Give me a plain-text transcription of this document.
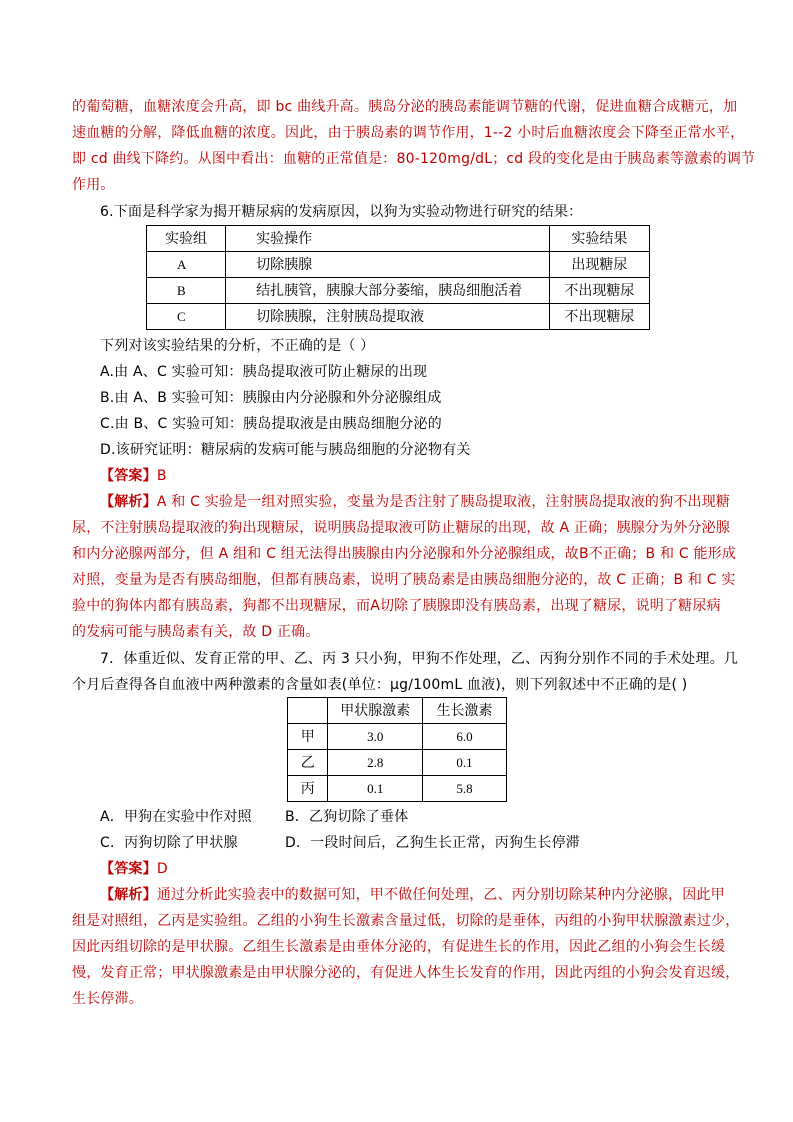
的葡萄糖，血糖浓度会升高，即 bc 曲线升高。胰岛分泌的胰岛素能调节糖的代谢，促进血糖合成糖元，加
速血糖的分解，降低血糖的浓度。因此，由于胰岛素的调节作用，1--2 小时后血糖浓度会下降至正常水平，
即 cd 曲线下降约。从图中看出：血糖的正常值是：80-120mg/dL；cd 段的变化是由于胰岛素等激素的调节
作用。
6.下面是科学家为揭开糖尿病的发病原因，以狗为实验动物进行研究的结果：
实验组	实验操作	实验结果
A	切除胰腺	出现糖尿
B	结扎胰管，胰腺大部分萎缩，胰岛细胞活着	不出现糖尿
C	切除胰腺，注射胰岛提取液	不出现糖尿
下列对该实验结果的分析，不正确的是（ ）
A.由 A、C 实验可知：胰岛提取液可防止糖尿的出现
B.由 A、B 实验可知：胰腺由内分泌腺和外分泌腺组成
C.由 B、C 实验可知：胰岛提取液是由胰岛细胞分泌的
D.该研究证明：糖尿病的发病可能与胰岛细胞的分泌物有关
【答案】B
【解析】A 和 C 实验是一组对照实验，变量为是否注射了胰岛提取液，注射胰岛提取液的狗不出现糖
尿，不注射胰岛提取液的狗出现糖尿，说明胰岛提取液可防止糖尿的出现，故 A 正确；胰腺分为外分泌腺
和内分泌腺两部分，但 A 组和 C 组无法得出胰腺由内分泌腺和外分泌腺组成，故B不正确；B 和 C 能形成
对照，变量为是否有胰岛细胞，但都有胰岛素，说明了胰岛素是由胰岛细胞分泌的，故 C 正确；B 和 C 实
验中的狗体内都有胰岛素，狗都不出现糖尿，而A切除了胰腺即没有胰岛素，出现了糖尿，说明了糖尿病
的发病可能与胰岛素有关，故 D 正确。
7．体重近似、发育正常的甲、乙、丙 3 只小狗，甲狗不作处理，乙、丙狗分别作不同的手术处理。几
个月后查得各自血液中两种激素的含量如表(单位：μg/100mL 血液)，则下列叙述中不正确的是( )
	甲状腺激素	生长激素
甲	3.0	6.0
乙	2.8	0.1
丙	0.1	5.8
A．甲狗在实验中作对照 B．乙狗切除了垂体
C．丙狗切除了甲状腺	D．一段时间后，乙狗生长正常，丙狗生长停滞
【答案】D
【解析】通过分析此实验表中的数据可知，甲不做任何处理，乙、丙分别切除某种内分泌腺，因此甲
组是对照组，乙丙是实验组。乙组的小狗生长激素含量过低，切除的是垂体，丙组的小狗甲状腺激素过少，
因此丙组切除的是甲状腺。乙组生长激素是由垂体分泌的，有促进生长的作用，因此乙组的小狗会生长缓
慢，发育正常；甲状腺激素是由甲状腺分泌的，有促进人体生长发育的作用，因此丙组的小狗会发育迟缓，
生长停滞。
